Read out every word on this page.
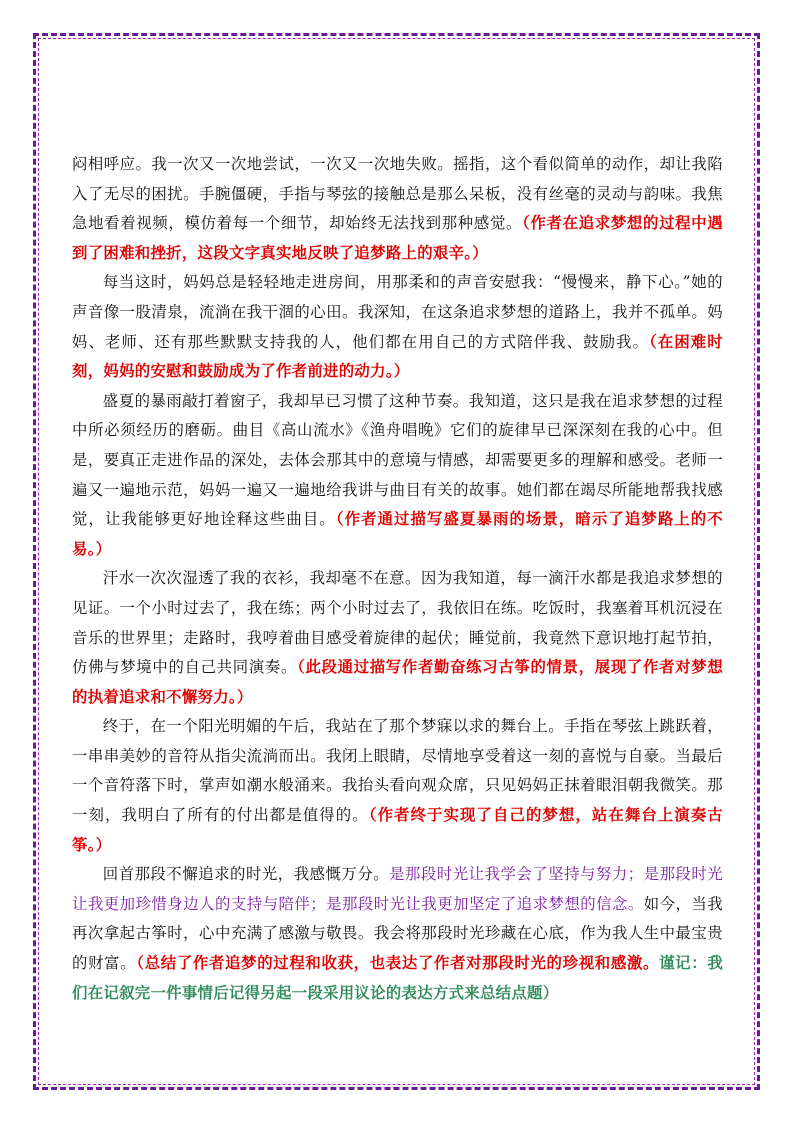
闷相呼应。我一次又一次地尝试，一次又一次地失败。摇指，这个看似简单的动作，却让我陷入了无尽的困扰。手腕僵硬，手指与琴弦的接触总是那么呆板，没有丝毫的灵动与韵味。我焦急地看着视频，模仿着每一个细节，却始终无法找到那种感觉。（作者在追求梦想的过程中遇到了困难和挫折，这段文字真实地反映了追梦路上的艰辛。）

每当这时，妈妈总是轻轻地走进房间，用那柔和的声音安慰我：“慢慢来，静下心。”她的声音像一股清泉，流淌在我干涸的心田。我深知，在这条追求梦想的道路上，我并不孤单。妈妈、老师、还有那些默默支持我的人，他们都在用自己的方式陪伴我、鼓励我。（在困难时刻，妈妈的安慰和鼓励成为了作者前进的动力。）

盛夏的暴雨敲打着窗子，我却早已习惯了这种节奏。我知道，这只是我在追求梦想的过程中所必须经历的磨砺。曲目《高山流水》《渔舟唱晚》它们的旋律早已深深刻在我的心中。但是，要真正走进作品的深处，去体会那其中的意境与情感，却需要更多的理解和感受。老师一遍又一遍地示范，妈妈一遍又一遍地给我讲与曲目有关的故事。她们都在竭尽所能地帮我找感觉，让我能够更好地诠释这些曲目。（作者通过描写盛夏暴雨的场景，暗示了追梦路上的不易。）

汗水一次次湿透了我的衣衫，我却毫不在意。因为我知道，每一滴汗水都是我追求梦想的见证。一个小时过去了，我在练；两个小时过去了，我依旧在练。吃饭时，我塞着耳机沉浸在音乐的世界里；走路时，我哼着曲目感受着旋律的起伏；睡觉前，我竟然下意识地打起节拍，仿佛与梦境中的自己共同演奏。（此段通过描写作者勤奋练习古筝的情景，展现了作者对梦想的执着追求和不懈努力。）

终于，在一个阳光明媚的午后，我站在了那个梦寐以求的舞台上。手指在琴弦上跳跃着，一串串美妙的音符从指尖流淌而出。我闭上眼睛，尽情地享受着这一刻的喜悦与自豪。当最后一个音符落下时，掌声如潮水般涌来。我抬头看向观众席，只见妈妈正抹着眼泪朝我微笑。那一刻，我明白了所有的付出都是值得的。（作者终于实现了自己的梦想，站在舞台上演奏古筝。）

回首那段不懈追求的时光，我感慨万分。是那段时光让我学会了坚持与努力；是那段时光让我更加珍惜身边人的支持与陪伴；是那段时光让我更加坚定了追求梦想的信念。如今，当我再次拿起古筝时，心中充满了感激与敬畏。我会将那段时光珍藏在心底，作为我人生中最宝贵的财富。（总结了作者追梦的过程和收获，也表达了作者对那段时光的珍视和感激。谨记：我们在记叙完一件事情后记得另起一段采用议论的表达方式来总结点题）
